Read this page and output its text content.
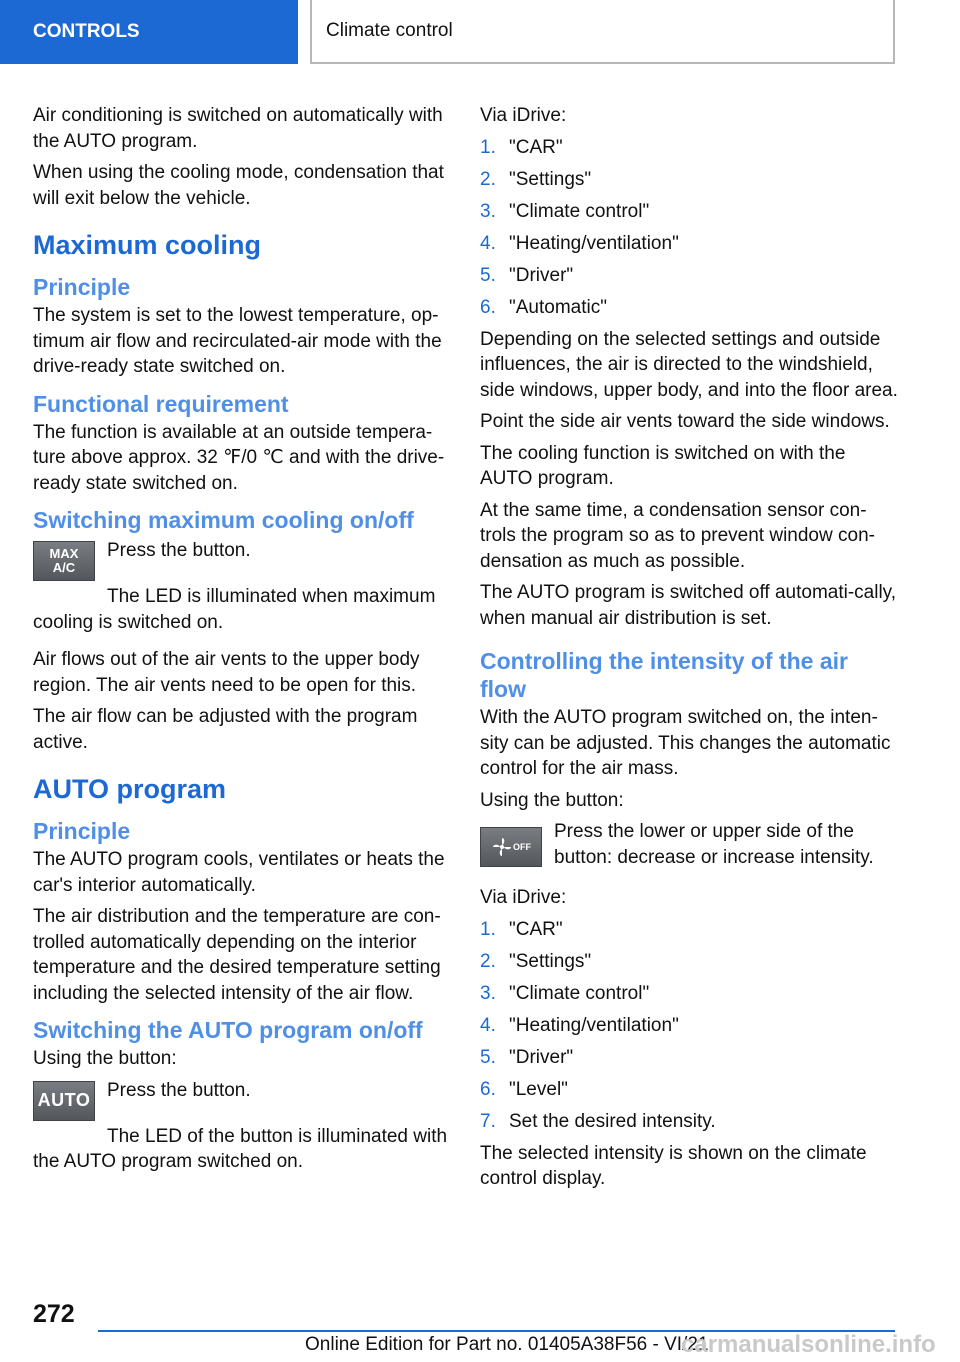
CONTROLS	Climate control

Air conditioning is switched on automatically with the AUTO program.

When using the cooling mode, condensation that will exit below the vehicle.

Maximum cooling
Principle

The system is set to the lowest temperature, op‐timum air flow and recirculated-air mode with the drive-ready state switched on.

Functional requirement

The function is available at an outside tempera‐ture above approx. 32 ℉/0 ℃ and with the drive-ready state switched on.

Switching maximum cooling on/off
MAX
A/C

Press the button.

The LED is illuminated when maximum cooling is switched on.

Air flows out of the air vents to the upper body region. The air vents need to be open for this.

The air flow can be adjusted with the program active.

AUTO program
Principle

The AUTO program cools, ventilates or heats the car's interior automatically.

The air distribution and the temperature are con‐trolled automatically depending on the interior temperature and the desired temperature setting including the selected intensity of the air flow.

Switching the AUTO program on/off

Using the button:

AUTO Press the button.

The LED of the button is illuminated with the AUTO program switched on.

Via iDrive:

1. "CAR"
2. "Settings"
3. "Climate control"
4. "Heating/ventilation"
5. "Driver"
6. "Automatic"

Depending on the selected settings and outside influences, the air is directed to the windshield, side windows, upper body, and into the floor area.

Point the side air vents toward the side windows.

The cooling function is switched on with the AUTO program.

At the same time, a condensation sensor con‐trols the program so as to prevent window con‐densation as much as possible.

The AUTO program is switched off automati‐cally, when manual air distribution is set.

Controlling the intensity of the air flow

With the AUTO program switched on, the inten‐sity can be adjusted. This changes the automatic control for the air mass.

Using the button:

OFF

Press the lower or upper side of the button: decrease or increase intensity.

Via iDrive:

1. "CAR"
2. "Settings"
3. "Climate control"
4. "Heating/ventilation"
5. "Driver"
6. "Level"
7. Set the desired intensity.

The selected intensity is shown on the climate control display.

272
Online Edition for Part no. 01405A38F56 - VI/21
carmanualsonline.info
